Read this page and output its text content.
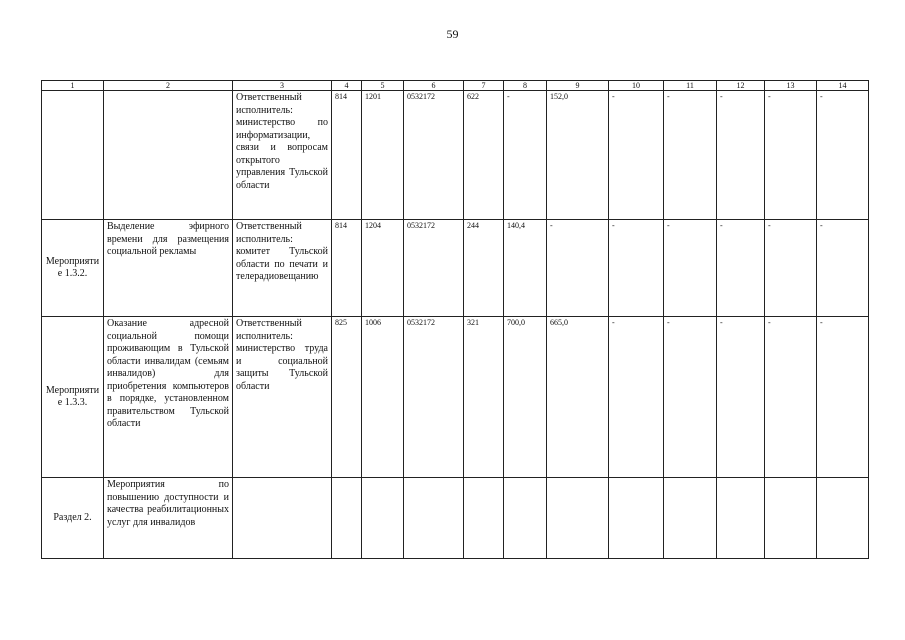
59
1	2	3	4	5	6	7	8	9	10	11	12	13	14
		Ответственный исполнитель: министерство по информатизации, связи и вопросам открытого управления Тульской области	814	1201	0532172	622	-	152,0	-	-	-	-	-
Мероприятие 1.3.2.	Выделение эфирного времени для размещения социальной рекламы	Ответственный исполнитель: комитет Тульской области по печати и телерадиовещанию	814	1204	0532172	244	140,4	-	-	-	-	-	-
Мероприятие 1.3.3.	Оказание адресной социальной помощи проживающим в Тульской области инвалидам (семьям инвалидов) для приобретения компьютеров в порядке, установленном правительством Тульской области	Ответственный исполнитель: министерство труда и социальной защиты Тульской области	825	1006	0532172	321	700,0	665,0	-	-	-	-	-
Раздел 2.	Мероприятия по повышению доступности и качества реабилитационных услуг для инвалидов												
